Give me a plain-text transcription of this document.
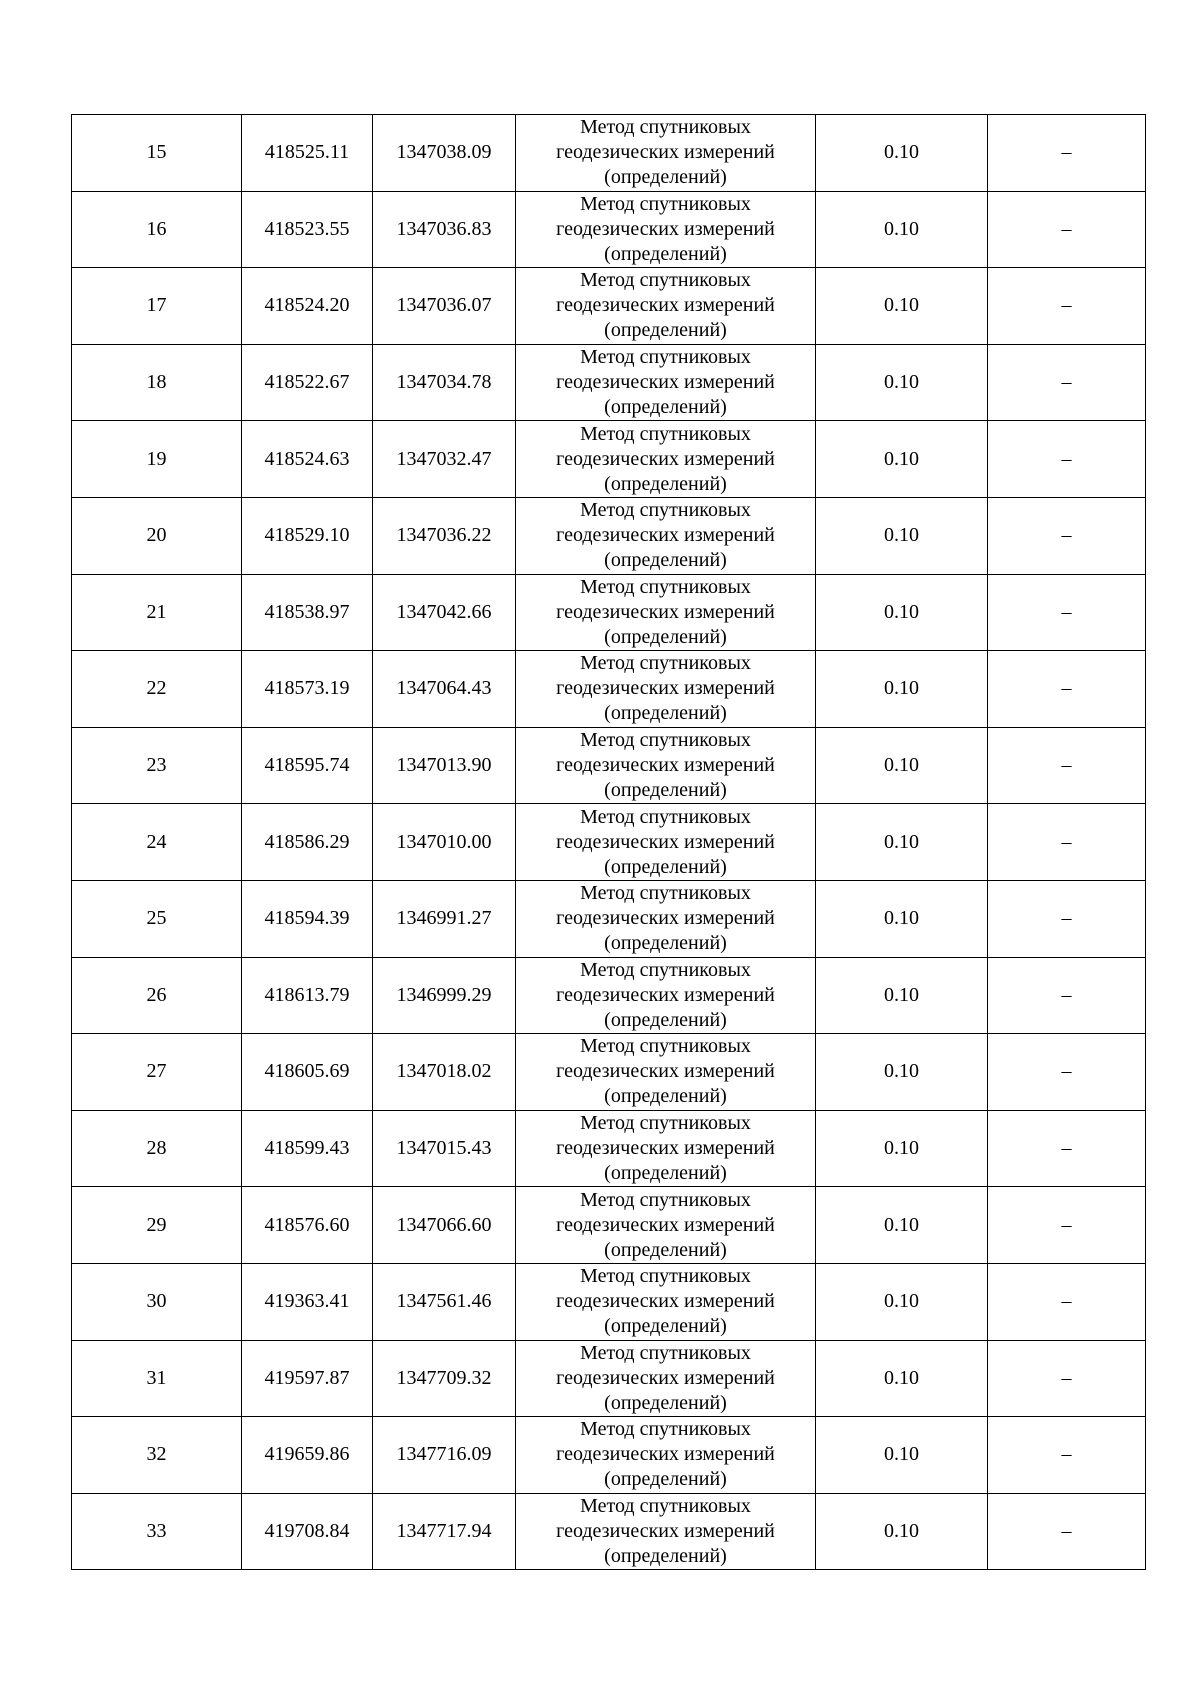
15	418525.11	1347038.09	Метод спутниковых
геодезических измерений
(определений)	0.10	–
16	418523.55	1347036.83	Метод спутниковых
геодезических измерений
(определений)	0.10	–
17	418524.20	1347036.07	Метод спутниковых
геодезических измерений
(определений)	0.10	–
18	418522.67	1347034.78	Метод спутниковых
геодезических измерений
(определений)	0.10	–
19	418524.63	1347032.47	Метод спутниковых
геодезических измерений
(определений)	0.10	–
20	418529.10	1347036.22	Метод спутниковых
геодезических измерений
(определений)	0.10	–
21	418538.97	1347042.66	Метод спутниковых
геодезических измерений
(определений)	0.10	–
22	418573.19	1347064.43	Метод спутниковых
геодезических измерений
(определений)	0.10	–
23	418595.74	1347013.90	Метод спутниковых
геодезических измерений
(определений)	0.10	–
24	418586.29	1347010.00	Метод спутниковых
геодезических измерений
(определений)	0.10	–
25	418594.39	1346991.27	Метод спутниковых
геодезических измерений
(определений)	0.10	–
26	418613.79	1346999.29	Метод спутниковых
геодезических измерений
(определений)	0.10	–
27	418605.69	1347018.02	Метод спутниковых
геодезических измерений
(определений)	0.10	–
28	418599.43	1347015.43	Метод спутниковых
геодезических измерений
(определений)	0.10	–
29	418576.60	1347066.60	Метод спутниковых
геодезических измерений
(определений)	0.10	–
30	419363.41	1347561.46	Метод спутниковых
геодезических измерений
(определений)	0.10	–
31	419597.87	1347709.32	Метод спутниковых
геодезических измерений
(определений)	0.10	–
32	419659.86	1347716.09	Метод спутниковых
геодезических измерений
(определений)	0.10	–
33	419708.84	1347717.94	Метод спутниковых
геодезических измерений
(определений)	0.10	–
